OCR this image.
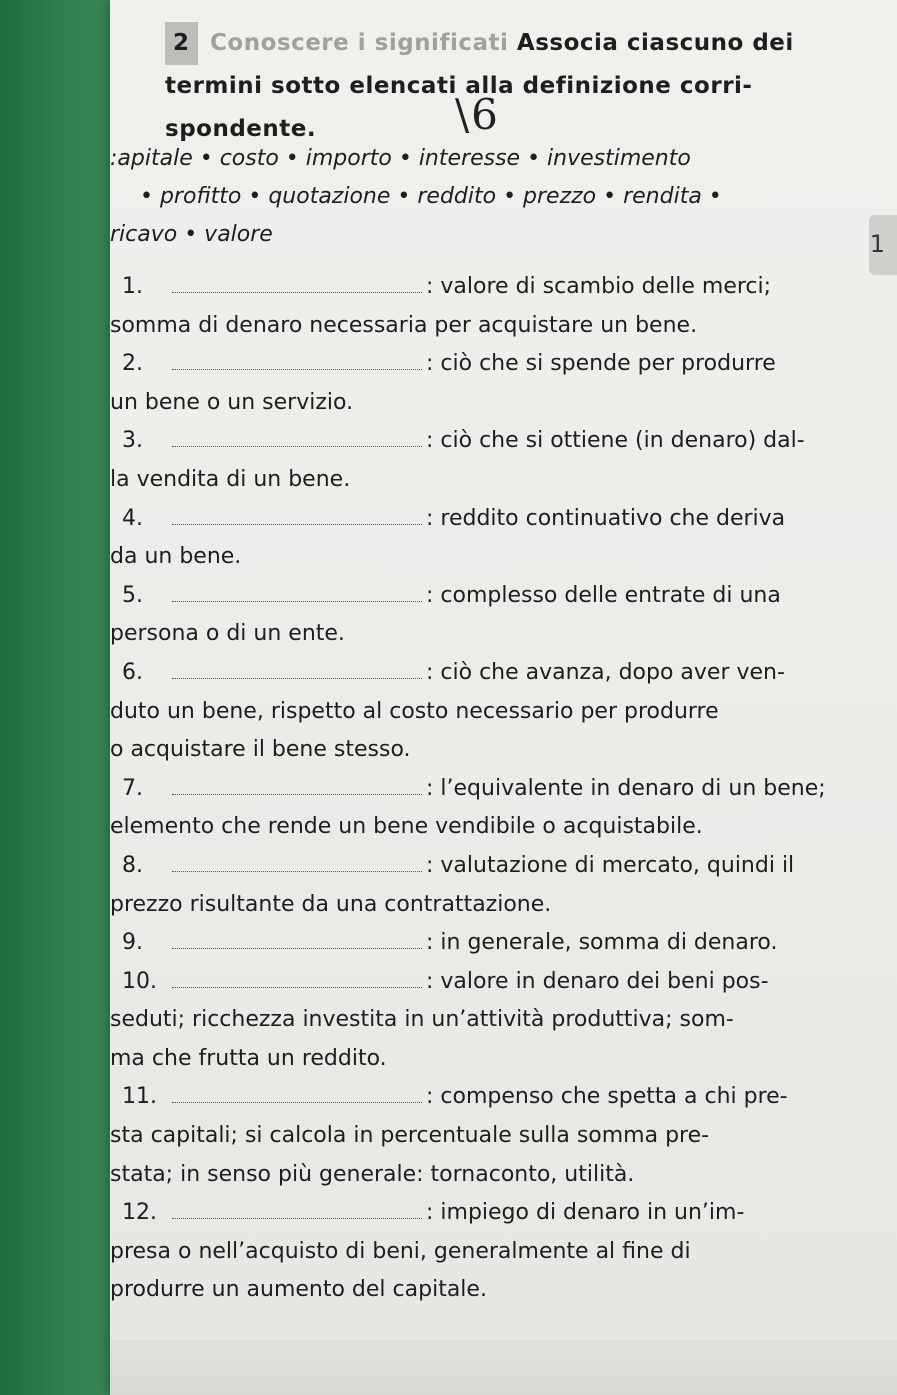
1
2 Conoscere i significati Associa ciascuno dei
termini sotto elencati alla definizione corri-
spondente.	\6
:apitale • costo • importo • interesse • investimento
• profitto • quotazione • reddito • prezzo • rendita •
ricavo • valore
1.	: valore di scambio delle merci;
somma di denaro necessaria per acquistare un bene.
2.	: ciò che si spende per produrre
un bene o un servizio.
3.	: ciò che si ottiene (in denaro) dal-
la vendita di un bene.
4.	: reddito continuativo che deriva
da un bene.
5.	: complesso delle entrate di una
persona o di un ente.
6.	: ciò che avanza, dopo aver ven-
duto un bene, rispetto al costo necessario per produrre
o acquistare il bene stesso.
7.	: l’equivalente in denaro di un bene;
elemento che rende un bene vendibile o acquistabile.
8.	: valutazione di mercato, quindi il
prezzo risultante da una contrattazione.
9.	: in generale, somma di denaro.
10.	: valore in denaro dei beni pos-
seduti; ricchezza investita in un’attività produttiva; som-
ma che frutta un reddito.
11.	: compenso che spetta a chi pre-
sta capitali; si calcola in percentuale sulla somma pre-
stata; in senso più generale: tornaconto, utilità.
12.	: impiego di denaro in un’im-
presa o nell’acquisto di beni, generalmente al fine di
produrre un aumento del capitale.
